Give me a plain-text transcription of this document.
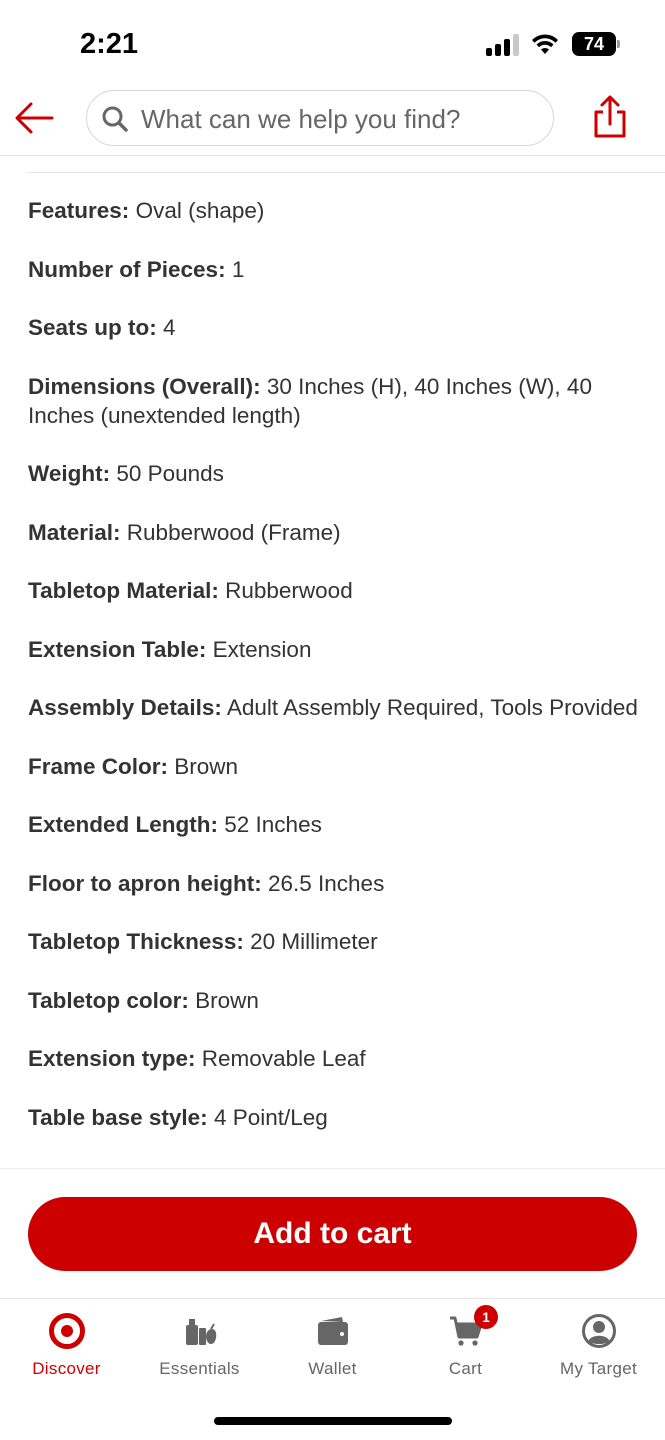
2:21	74
What can we help you find?
Features: Oval (shape)
Number of Pieces: 1
Seats up to: 4
Dimensions (Overall): 30 Inches (H), 40 Inches (W), 40 Inches (unextended length)
Weight: 50 Pounds
Material: Rubberwood (Frame)
Tabletop Material: Rubberwood
Extension Table: Extension
Assembly Details: Adult Assembly Required, Tools Provided
Frame Color: Brown
Extended Length: 52 Inches
Floor to apron height: 26.5 Inches
Tabletop Thickness: 20 Millimeter
Tabletop color: Brown
Extension type: Removable Leaf
Table base style: 4 Point/Leg
Add to cart
Discover	Essentials	Wallet	Cart
1
My Target
